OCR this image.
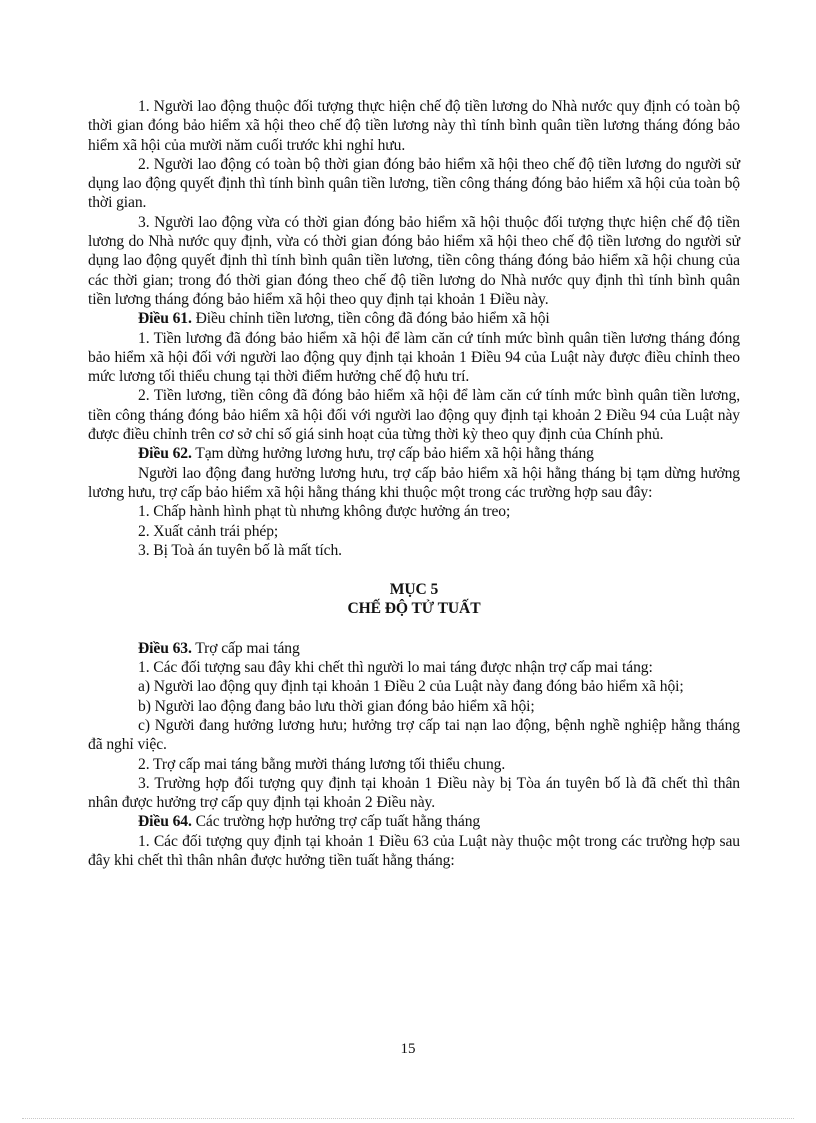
1. Người lao động thuộc đối tượng thực hiện chế độ tiền lương do Nhà nước quy định có toàn bộ thời gian đóng bảo hiểm xã hội theo chế độ tiền lương này thì tính bình quân tiền lương tháng đóng bảo hiểm xã hội của mười năm cuối trước khi nghỉ hưu.

2. Người lao động có toàn bộ thời gian đóng bảo hiểm xã hội theo chế độ tiền lương do người sử dụng lao động quyết định thì tính bình quân tiền lương, tiền công tháng đóng bảo hiểm xã hội của toàn bộ thời gian.

3. Người lao động vừa có thời gian đóng bảo hiểm xã hội thuộc đối tượng thực hiện chế độ tiền lương do Nhà nước quy định, vừa có thời gian đóng bảo hiểm xã hội theo chế độ tiền lương do người sử dụng lao động quyết định thì tính bình quân tiền lương, tiền công tháng đóng bảo hiểm xã hội chung của các thời gian; trong đó thời gian đóng theo chế độ tiền lương do Nhà nước quy định thì tính bình quân tiền lương tháng đóng bảo hiểm xã hội theo quy định tại khoản 1 Điều này.

Điều 61. Điều chỉnh tiền lương, tiền công đã đóng bảo hiểm xã hội

1. Tiền lương đã đóng bảo hiểm xã hội để làm căn cứ tính mức bình quân tiền lương tháng đóng bảo hiểm xã hội đối với người lao động quy định tại khoản 1 Điều 94 của Luật này được điều chỉnh theo mức lương tối thiểu chung tại thời điểm hưởng chế độ hưu trí.

2. Tiền lương, tiền công đã đóng bảo hiểm xã hội để làm căn cứ tính mức bình quân tiền lương, tiền công tháng đóng bảo hiểm xã hội đối với người lao động quy định tại khoản 2 Điều 94 của Luật này được điều chỉnh trên cơ sở chỉ số giá sinh hoạt của từng thời kỳ theo quy định của Chính phủ.

Điều 62. Tạm dừng hưởng lương hưu, trợ cấp bảo hiểm xã hội hằng tháng

Người lao động đang hưởng lương hưu, trợ cấp bảo hiểm xã hội hằng tháng bị tạm dừng hưởng lương hưu, trợ cấp bảo hiểm xã hội hằng tháng khi thuộc một trong các trường hợp sau đây:

1. Chấp hành hình phạt tù nhưng không được hưởng án treo;

2. Xuất cảnh trái phép;

3. Bị Toà án tuyên bố là mất tích.

MỤC 5

CHẾ ĐỘ TỬ TUẤT

Điều 63. Trợ cấp mai táng

1. Các đối tượng sau đây khi chết thì người lo mai táng được nhận trợ cấp mai táng:

a) Người lao động quy định tại khoản 1 Điều 2 của Luật này đang đóng bảo hiểm xã hội;

b) Người lao động đang bảo lưu thời gian đóng bảo hiểm xã hội;

c) Người đang hưởng lương hưu; hưởng trợ cấp tai nạn lao động, bệnh nghề nghiệp hằng tháng đã nghỉ việc.

2. Trợ cấp mai táng bằng mười tháng lương tối thiểu chung.

3. Trường hợp đối tượng quy định tại khoản 1 Điều này bị Tòa án tuyên bố là đã chết thì thân nhân được hưởng trợ cấp quy định tại khoản 2 Điều này.

Điều 64. Các trường hợp hưởng trợ cấp tuất hằng tháng

1. Các đối tượng quy định tại khoản 1 Điều 63 của Luật này thuộc một trong các trường hợp sau đây khi chết thì thân nhân được hưởng tiền tuất hằng tháng:

15
